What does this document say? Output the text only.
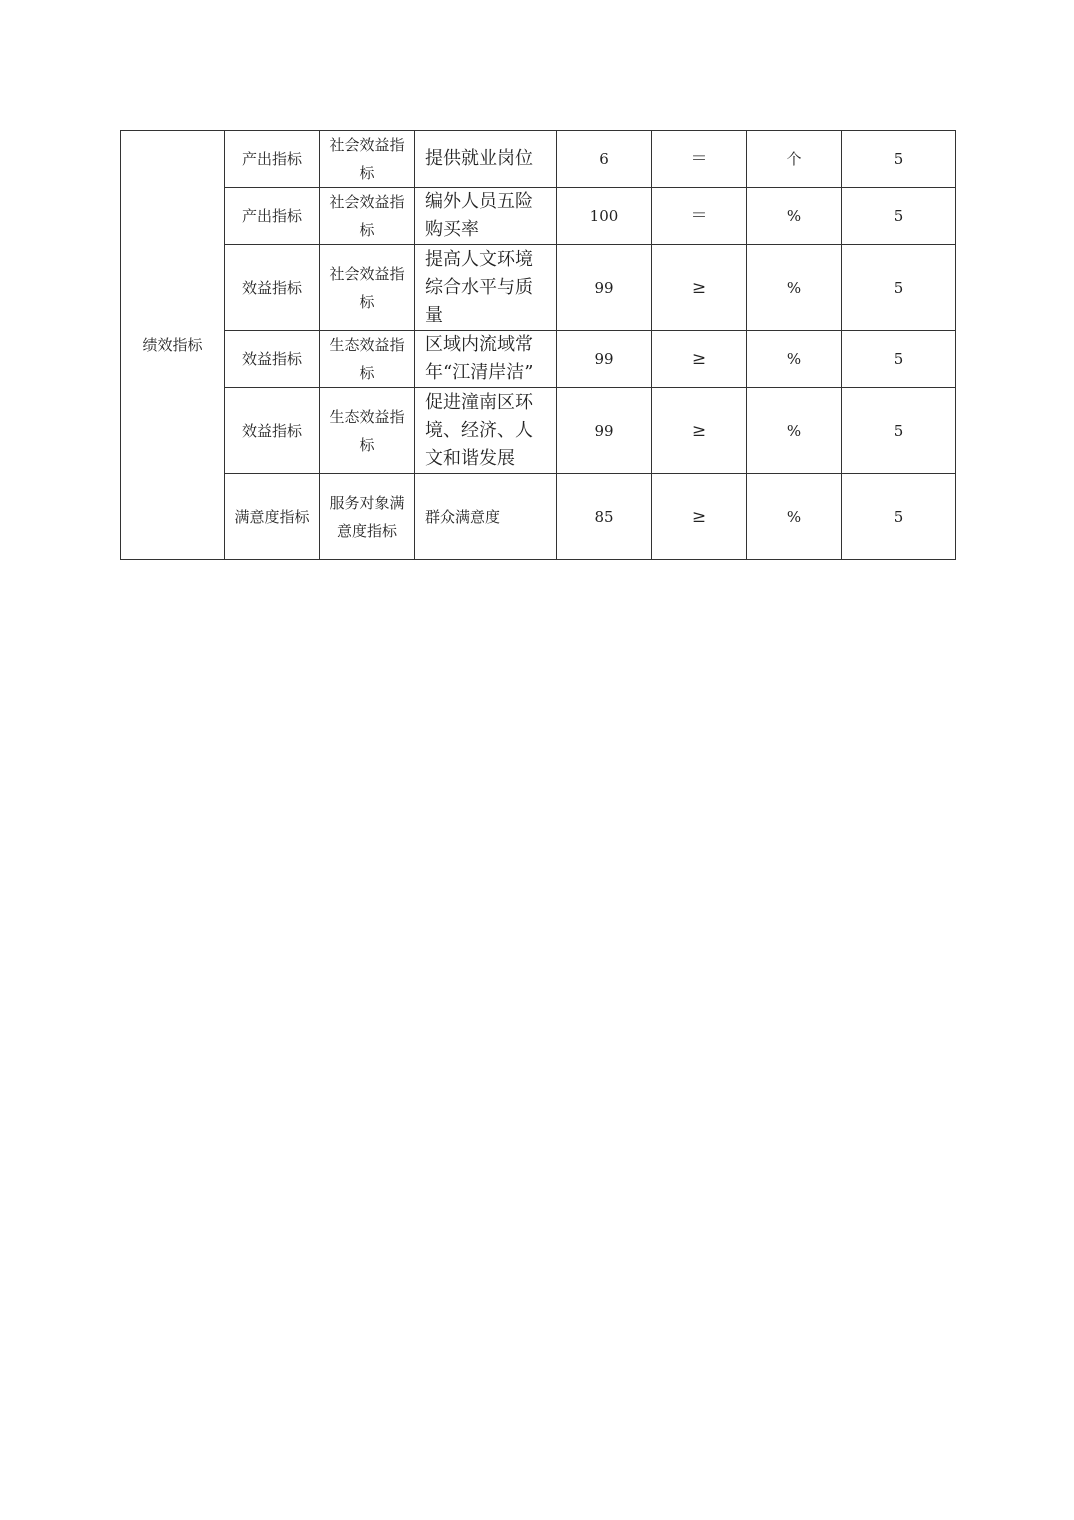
绩效指标	产出指标	社会效益指标	提供就业岗位	6	＝	个	5
	产出指标	社会效益指标	编外人员五险购买率	100	＝	%	5
	效益指标	社会效益指标	提高人文环境综合水平与质量	99	≥	%	5
	效益指标	生态效益指标	区域内流域常年“江清岸洁”	99	≥	%	5
	效益指标	生态效益指标	促进潼南区环境、经济、人文和谐发展	99	≥	%	5
	满意度指标	服务对象满意度指标	群众满意度	85	≥	%	5
